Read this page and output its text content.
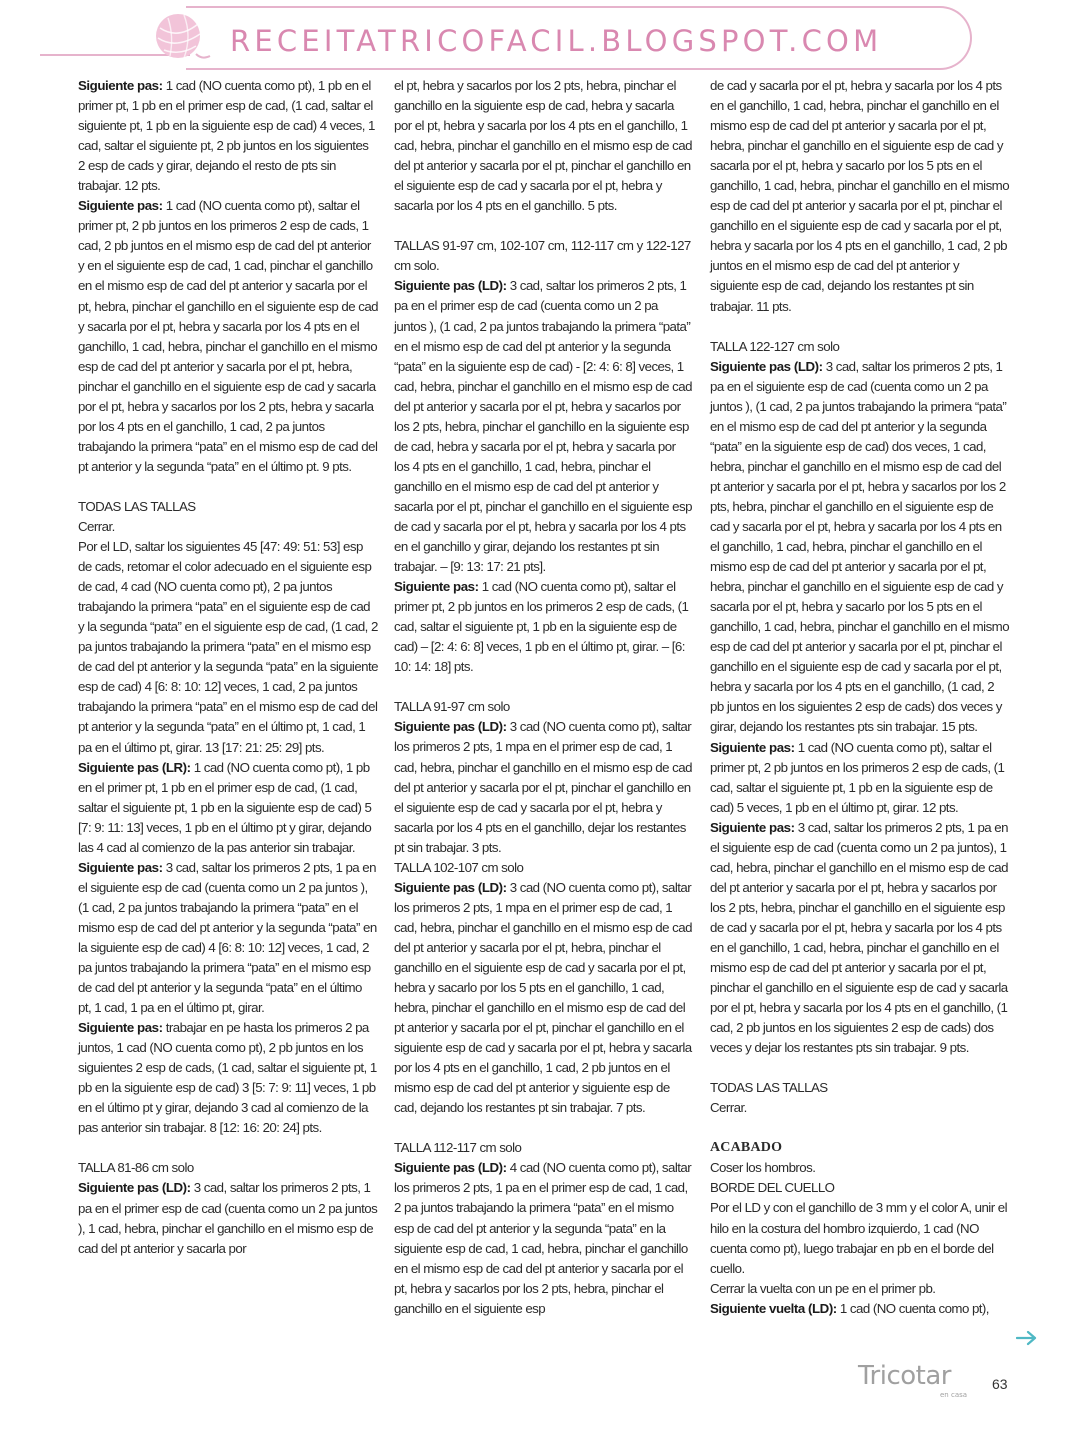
RECEITATRICOFACIL.BLOGSPOT.COM

Siguiente pas: 1 cad (NO cuenta como pt), 1 pb en el primer pt, 1 pb en el primer esp de cad, (1 cad, saltar el siguiente pt, 1 pb en la siguiente esp de cad) 4 veces, 1 cad, saltar el siguiente pt, 2 pb juntos en los siguientes 2 esp de cads y girar, dejando el resto de pts sin trabajar. 12 pts.

Siguiente pas: 1 cad (NO cuenta como pt), saltar el primer pt, 2 pb juntos en los primeros 2 esp de cads, 1 cad, 2 pb juntos en el mismo esp de cad del pt anterior y en el siguiente esp de cad, 1 cad, pinchar el ganchillo en el mismo esp de cad del pt anterior y sacarla por el pt, hebra, pinchar el ganchillo en el siguiente esp de cad y sacarla por el pt, hebra y sacarla por los 4 pts en el ganchillo, 1 cad, hebra, pinchar el ganchillo en el mismo esp de cad del pt anterior y sacarla por el pt, hebra, pinchar el ganchillo en el siguiente esp de cad y sacarla por el pt, hebra y sacarlos por los 2 pts, hebra y sacarla por los 4 pts en el ganchillo, 1 cad, 2 pa juntos trabajando la primera “pata” en el mismo esp de cad del pt anterior y la segunda “pata” en el último pt. 9 pts.

TODAS LAS TALLAS

Cerrar.

Por el LD, saltar los siguientes 45 [47: 49: 51: 53] esp de cads, retomar el color adecuado en el siguiente esp de cad, 4 cad (NO cuenta como pt), 2 pa juntos trabajando la primera “pata” en el siguiente esp de cad y la segunda “pata” en el siguiente esp de cad, (1 cad, 2 pa juntos trabajando la primera “pata” en el mismo esp de cad del pt anterior y la segunda “pata” en la siguiente esp de cad) 4 [6: 8: 10: 12] veces, 1 cad, 2 pa juntos trabajando la primera “pata” en el mismo esp de cad del pt anterior y la segunda “pata” en el último pt, 1 cad, 1 pa en el último pt, girar. 13 [17: 21: 25: 29] pts.

Siguiente pas (LR): 1 cad (NO cuenta como pt), 1 pb en el primer pt, 1 pb en el primer esp de cad, (1 cad, saltar el siguiente pt, 1 pb en la siguiente esp de cad) 5 [7: 9: 11: 13] veces, 1 pb en el último pt y girar, dejando las 4 cad al comienzo de la pas anterior sin trabajar.

Siguiente pas: 3 cad, saltar los primeros 2 pts, 1 pa en el siguiente esp de cad (cuenta como un 2 pa juntos ), (1 cad, 2 pa juntos trabajando la primera “pata” en el mismo esp de cad del pt anterior y la segunda “pata” en la siguiente esp de cad) 4 [6: 8: 10: 12] veces, 1 cad, 2 pa juntos trabajando la primera “pata” en el mismo esp de cad del pt anterior y la segunda “pata” en el último pt, 1 cad, 1 pa en el último pt, girar.

Siguiente pas: trabajar en pe hasta los primeros 2 pa juntos, 1 cad (NO cuenta como pt), 2 pb juntos en los siguientes 2 esp de cads, (1 cad, saltar el siguiente pt, 1 pb en la siguiente esp de cad) 3 [5: 7: 9: 11] veces, 1 pb en el último pt y girar, dejando 3 cad al comienzo de la pas anterior sin trabajar. 8 [12: 16: 20: 24] pts.

TALLA 81-86 cm solo

Siguiente pas (LD): 3 cad, saltar los primeros 2 pts, 1 pa en el primer esp de cad (cuenta como un 2 pa juntos ), 1 cad, hebra, pinchar el ganchillo en el mismo esp de cad del pt anterior y sacarla por

el pt, hebra y sacarlos por los 2 pts, hebra, pinchar el ganchillo en la siguiente esp de cad, hebra y sacarla por el pt, hebra y sacarla por los 4 pts en el ganchillo, 1 cad, hebra, pinchar el ganchillo en el mismo esp de cad del pt anterior y sacarla por el pt, pinchar el ganchillo en el siguiente esp de cad y sacarla por el pt, hebra y sacarla por los 4 pts en el ganchillo. 5 pts.

TALLAS 91-97 cm, 102-107 cm, 112-117 cm y 122-127 cm solo.

Siguiente pas (LD): 3 cad, saltar los primeros 2 pts, 1 pa en el primer esp de cad (cuenta como un 2 pa juntos ), (1 cad, 2 pa juntos trabajando la primera “pata” en el mismo esp de cad del pt anterior y la segunda “pata” en la siguiente esp de cad) - [2: 4: 6: 8] veces, 1 cad, hebra, pinchar el ganchillo en el mismo esp de cad del pt anterior y sacarla por el pt, hebra y sacarlos por los 2 pts, hebra, pinchar el ganchillo en la siguiente esp de cad, hebra y sacarla por el pt, hebra y sacarla por los 4 pts en el ganchillo, 1 cad, hebra, pinchar el ganchillo en el mismo esp de cad del pt anterior y sacarla por el pt, pinchar el ganchillo en el siguiente esp de cad y sacarla por el pt, hebra y sacarla por los 4 pts en el ganchillo y girar, dejando los restantes pt sin trabajar. – [9: 13: 17: 21 pts].

Siguiente pas: 1 cad (NO cuenta como pt), saltar el primer pt, 2 pb juntos en los primeros 2 esp de cads, (1 cad, saltar el siguiente pt, 1 pb en la siguiente esp de cad) – [2: 4: 6: 8] veces, 1 pb en el último pt, girar. – [6: 10: 14: 18] pts.

TALLA 91-97 cm solo

Siguiente pas (LD): 3 cad (NO cuenta como pt), saltar los primeros 2 pts, 1 mpa en el primer esp de cad, 1 cad, hebra, pinchar el ganchillo en el mismo esp de cad del pt anterior y sacarla por el pt, pinchar el ganchillo en el siguiente esp de cad y sacarla por el pt, hebra y sacarla por los 4 pts en el ganchillo, dejar los restantes pt sin trabajar. 3 pts.

TALLA 102-107 cm solo

Siguiente pas (LD): 3 cad (NO cuenta como pt), saltar los primeros 2 pts, 1 mpa en el primer esp de cad, 1 cad, hebra, pinchar el ganchillo en el mismo esp de cad del pt anterior y sacarla por el pt, hebra, pinchar el ganchillo en el siguiente esp de cad y sacarla por el pt, hebra y sacarlo por los 5 pts en el ganchillo, 1 cad, hebra, pinchar el ganchillo en el mismo esp de cad del pt anterior y sacarla por el pt, pinchar el ganchillo en el siguiente esp de cad y sacarla por el pt, hebra y sacarla por los 4 pts en el ganchillo, 1 cad, 2 pb juntos en el mismo esp de cad del pt anterior y siguiente esp de cad, dejando los restantes pt sin trabajar. 7 pts.

TALLA 112-117 cm solo

Siguiente pas (LD): 4 cad (NO cuenta como pt), saltar los primeros 2 pts, 1 pa en el primer esp de cad, 1 cad, 2 pa juntos trabajando la primera “pata” en el mismo esp de cad del pt anterior y la segunda “pata” en la siguiente esp de cad, 1 cad, hebra, pinchar el ganchillo en el mismo esp de cad del pt anterior y sacarla por el pt, hebra y sacarlos por los 2 pts, hebra, pinchar el ganchillo en el siguiente esp

de cad y sacarla por el pt, hebra y sacarla por los 4 pts en el ganchillo, 1 cad, hebra, pinchar el ganchillo en el mismo esp de cad del pt anterior y sacarla por el pt, hebra, pinchar el ganchillo en el siguiente esp de cad y sacarla por el pt, hebra y sacarlo por los 5 pts en el ganchillo, 1 cad, hebra, pinchar el ganchillo en el mismo esp de cad del pt anterior y sacarla por el pt, pinchar el ganchillo en el siguiente esp de cad y sacarla por el pt, hebra y sacarla por los 4 pts en el ganchillo, 1 cad, 2 pb juntos en el mismo esp de cad del pt anterior y siguiente esp de cad, dejando los restantes pt sin trabajar. 11 pts.

TALLA 122-127 cm solo

Siguiente pas (LD): 3 cad, saltar los primeros 2 pts, 1 pa en el siguiente esp de cad (cuenta como un 2 pa juntos ), (1 cad, 2 pa juntos trabajando la primera “pata” en el mismo esp de cad del pt anterior y la segunda “pata” en la siguiente esp de cad) dos veces, 1 cad, hebra, pinchar el ganchillo en el mismo esp de cad del pt anterior y sacarla por el pt, hebra y sacarlos por los 2 pts, hebra, pinchar el ganchillo en el siguiente esp de cad y sacarla por el pt, hebra y sacarla por los 4 pts en el ganchillo, 1 cad, hebra, pinchar el ganchillo en el mismo esp de cad del pt anterior y sacarla por el pt, hebra, pinchar el ganchillo en el siguiente esp de cad y sacarla por el pt, hebra y sacarlo por los 5 pts en el ganchillo, 1 cad, hebra, pinchar el ganchillo en el mismo esp de cad del pt anterior y sacarla por el pt, pinchar el ganchillo en el siguiente esp de cad y sacarla por el pt, hebra y sacarla por los 4 pts en el ganchillo, (1 cad, 2 pb juntos en los siguientes 2 esp de cads) dos veces y girar, dejando los restantes pts sin trabajar. 15 pts.

Siguiente pas: 1 cad (NO cuenta como pt), saltar el primer pt, 2 pb juntos en los primeros 2 esp de cads, (1 cad, saltar el siguiente pt, 1 pb en la siguiente esp de cad) 5 veces, 1 pb en el último pt, girar. 12 pts.

Siguiente pas: 3 cad, saltar los primeros 2 pts, 1 pa en el siguiente esp de cad (cuenta como un 2 pa juntos), 1 cad, hebra, pinchar el ganchillo en el mismo esp de cad del pt anterior y sacarla por el pt, hebra y sacarlos por los 2 pts, hebra, pinchar el ganchillo en el siguiente esp de cad y sacarla por el pt, hebra y sacarla por los 4 pts en el ganchillo, 1 cad, hebra, pinchar el ganchillo en el mismo esp de cad del pt anterior y sacarla por el pt, pinchar el ganchillo en el siguiente esp de cad y sacarla por el pt, hebra y sacarla por los 4 pts en el ganchillo, (1 cad, 2 pb juntos en los siguientes 2 esp de cads) dos veces y dejar los restantes pts sin trabajar. 9 pts.

TODAS LAS TALLAS

Cerrar.

ACABADO

Coser los hombros.

BORDE DEL CUELLO

Por el LD y con el ganchillo de 3 mm y el color A, unir el hilo en la costura del hombro izquierdo, 1 cad (NO cuenta como pt), luego trabajar en pb en el borde del cuello.

Cerrar la vuelta con un pe en el primer pb.

Siguiente vuelta (LD): 1 cad (NO cuenta como pt),

Tricotar
en casa
63
